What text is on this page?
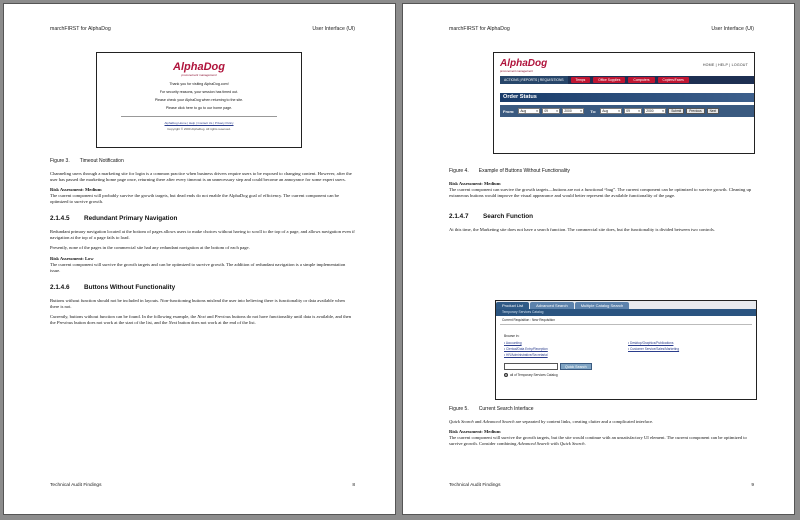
marchFIRST for AlphaDog	User Interface (UI)
AlphaDog
procurement management
Thank you for visiting AlphaDog.com!
For security reasons, your session has timed out.
Please check your AlphaDog when returning to the site.
Please click here to go to our home page.
AlphaDog Home | Help | Contact Us | Privacy Policy
Copyright © 2000 AlphaDog. All rights reserved.
Figure 3. Timeout Notification

Channeling users through a marketing site for login is a common practice when business drivers require users to be exposed to changing content. However, after the user has passed the marketing home page once, returning there after every timeout is an unnecessary step and could become an annoyance for some expert users.

Risk Assessment: Medium

The current component will probably survive the growth targets, but dead ends do not enable the AlphaDog goal of efficiency. The current component can be optimized to survive growth.

2.1.4.5 Redundant Primary Navigation

Redundant primary navigation located at the bottom of pages allows users to make choices without having to scroll to the top of a page, and allows navigation even if navigation at the top of a page fails to load.

Presently, none of the pages in the commercial site had any redundant navigation at the bottom of each page.

Risk Assessment: Low

The current component will survive the growth targets and can be optimized to survive growth. The addition of redundant navigation is a simple implementation issue.

2.1.4.6 Buttons Without Functionality

Buttons without function should not be included in layouts. Non-functioning buttons mislead the user into believing there is functionality or data available when there is not.

Currently, buttons without function can be found. In the following example, the Next and Previous buttons do not have functionality until data is available, and then the Previous button does not work at the start of the list, and the Next button does not work at the end of the list.

Technical Audit Findings	8
marchFIRST for AlphaDog	User Interface (UI)
AlphaDog
procurement management
HOME | HELP | LOGOUT
ACTIONS | REPORTS | REQUISITIONS	Temps	Office Supplies	Computers	Copiers/Faxes
Order Status
From: Aug	▼ 09	▼ 2000	▼ To: Aug	▼ 09	▼ 2000	▼	Submit	Previous	Next
Figure 4. Example of Buttons Without Functionality

Risk Assessment: Medium

The current component can survive the growth targets—buttons are not a functional “bug”. The current component can be optimized to survive growth. Cleaning up extraneous buttons would improve the visual appearance and would better represent the available functionality of the page.

2.1.4.7 Search Function

At this time, the Marketing site does not have a search function. The commercial site does, but the functionality is divided between two controls.

Product List	Advanced Search	Multiple Catalog Search
Temporary Services Catalog
Current Requisition : New Requisition
Browse in:
• Accounting
• Clerical/Data Entry/Reception
• HR/Administrative/Secretarial
• Desktop/Graphics/Publications
• Customer Service/Sales/Marketing
Quick Search
all of Temporary Services Catalog
Figure 5. Current Search Interface

Quick Search and Advanced Search are separated by content links, creating clutter and a complicated interface.

Risk Assessment: Medium

The current component will survive the growth targets, but the site would continue with an unsatisfactory UI element. The current component can be optimized to survive growth. Consider combining Advanced Search with Quick Search.

Technical Audit Findings	9
